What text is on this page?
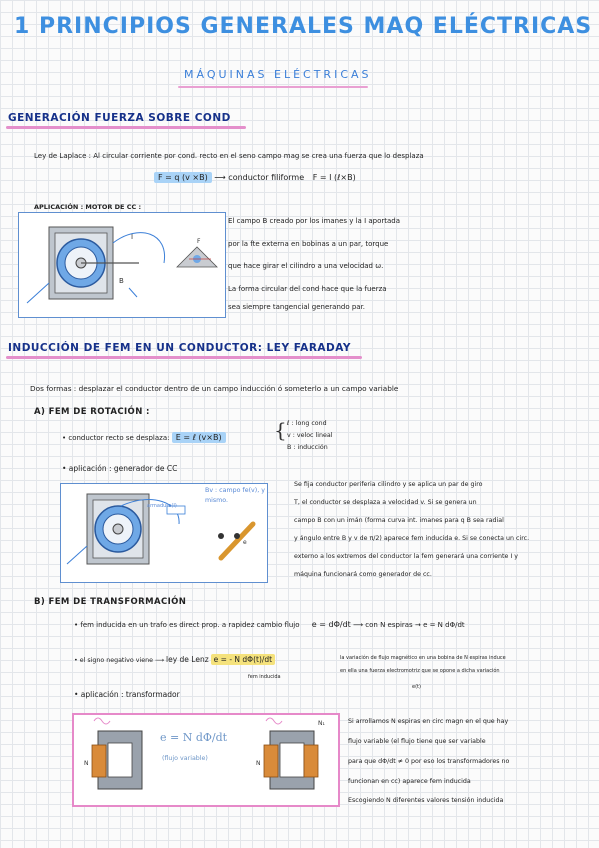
1 PRINCIPIOS GENERALES MAQ ELÉCTRICAS
MÁQUINAS ELÉCTRICAS
GENERACIÓN FUERZA SOBRE COND
Ley de Laplace : Al circular corriente por cond. recto en el seno campo mag se crea una fuerza que lo desplaza
F = q (v ×B) ⟶ conductor filiforme F = I (ℓ×B)
APLICACIÓN : MOTOR DE CC :
I
B
F
El campo B creado por los imanes y la I aportada
por la fte externa en bobinas a un par, torque
que hace girar el cilindro a una velocidad ω.
La forma circular del cond hace que la fuerza
sea siempre tangencial generando par.
INDUCCIÓN DE FEM EN UN CONDUCTOR: LEY FARADAY
Dos formas : desplazar el conductor dentro de un campo inducción ó someterlo a un campo variable
A) FEM DE ROTACIÓN :
• conductor recto se desplaza: E = ℓ (v×B)	{ ℓ : long cond
v : veloc lineal
B : inducción
• aplicación : generador de CC
e
Bv : campo fe(v), y
mismo.
armadura(I)
Se fija conductor periferia cilindro y se aplica un par de giro
T, el conductor se desplaza a velocidad v. Si se genera un
campo B con un imán (forma curva int. imanes para q B sea radial
y ángulo entre B y v de π/2) aparece fem inducida e. Si se conecta un circ.
externo a los extremos del conductor la fem generará una corriente I y
máquina funcionará como generador de cc.
B) FEM DE TRANSFORMACIÓN
• fem inducida en un trafo es direct prop. a rapidez cambio flujo e = dΦ/dt ⟶ con N espiras → e = N dΦ/dt
• el signo negativo viene ⟶ ley de Lenz e = - N dΦ(t)/dt	la variación de flujo magnético en una bobina de N espiras induce
en ella una fuerza electromotriz que se opone a dicha variación
fem inducida
e(t)
• aplicación : transformador
N	N
N₁
e = N dΦ/dt
(flujo variable)
Si arrollamos N espiras en circ magn en el que hay
flujo variable (el flujo tiene que ser variable
para que dΦ/dt ≠ 0 por eso los transformadores no
funcionan en cc) aparece fem inducida
Escogiendo N diferentes valores tensión inducida
